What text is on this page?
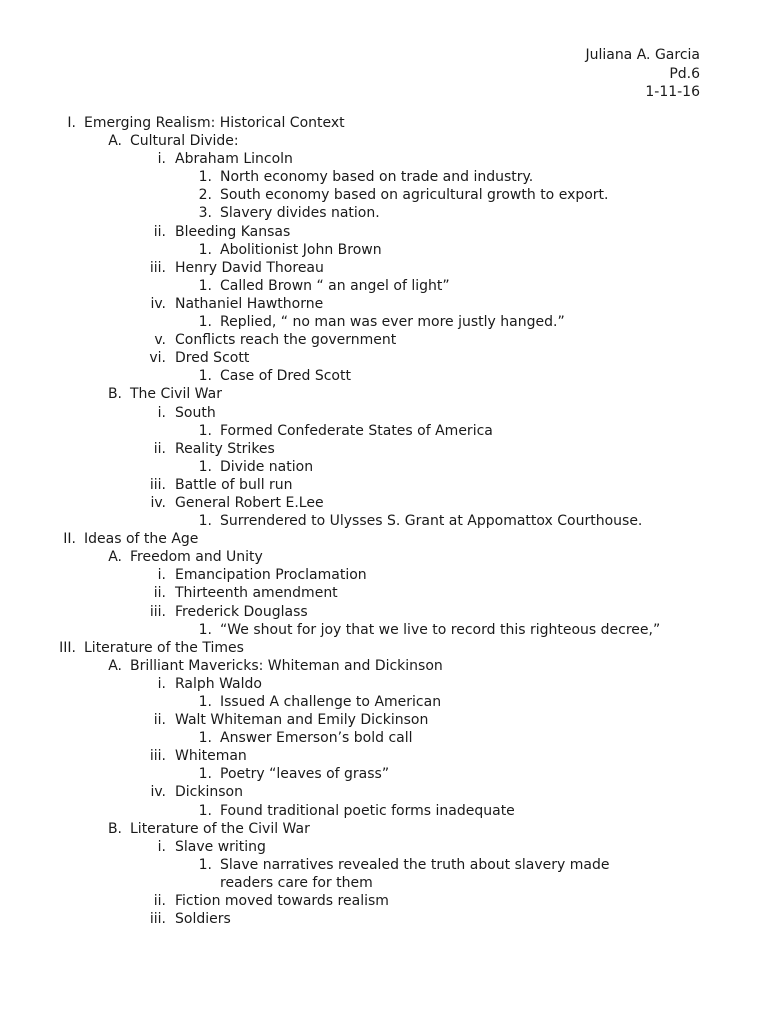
Juliana A. Garcia
Pd.6
1-11-16
I. Emerging Realism: Historical Context
A. Cultural Divide:
i. Abraham Lincoln
1. North economy based on trade and industry.
2. South economy based on agricultural growth to export.
3. Slavery divides nation.
ii. Bleeding Kansas
1. Abolitionist John Brown
iii. Henry David Thoreau
1. Called Brown “ an angel of light”
iv. Nathaniel Hawthorne
1. Replied, “ no man was ever more justly hanged.”
v. Conflicts reach the government
vi. Dred Scott
1. Case of Dred Scott
B. The Civil War
i. South
1. Formed Confederate States of America
ii. Reality Strikes
1. Divide nation
iii. Battle of bull run
iv. General Robert E.Lee
1. Surrendered to Ulysses S. Grant at Appomattox Courthouse.
II. Ideas of the Age
A. Freedom and Unity
i. Emancipation Proclamation
ii. Thirteenth amendment
iii. Frederick Douglass
1. “We shout for joy that we live to record this righteous decree,”
III. Literature of the Times
A. Brilliant Mavericks: Whiteman and Dickinson
i. Ralph Waldo
1. Issued A challenge to American
ii. Walt Whiteman and Emily Dickinson
1. Answer Emerson’s bold call
iii. Whiteman
1. Poetry “leaves of grass”
iv. Dickinson
1. Found traditional poetic forms inadequate
B. Literature of the Civil War
i. Slave writing
1. Slave narratives revealed the truth about slavery made
readers care for them
ii. Fiction moved towards realism
iii. Soldiers
